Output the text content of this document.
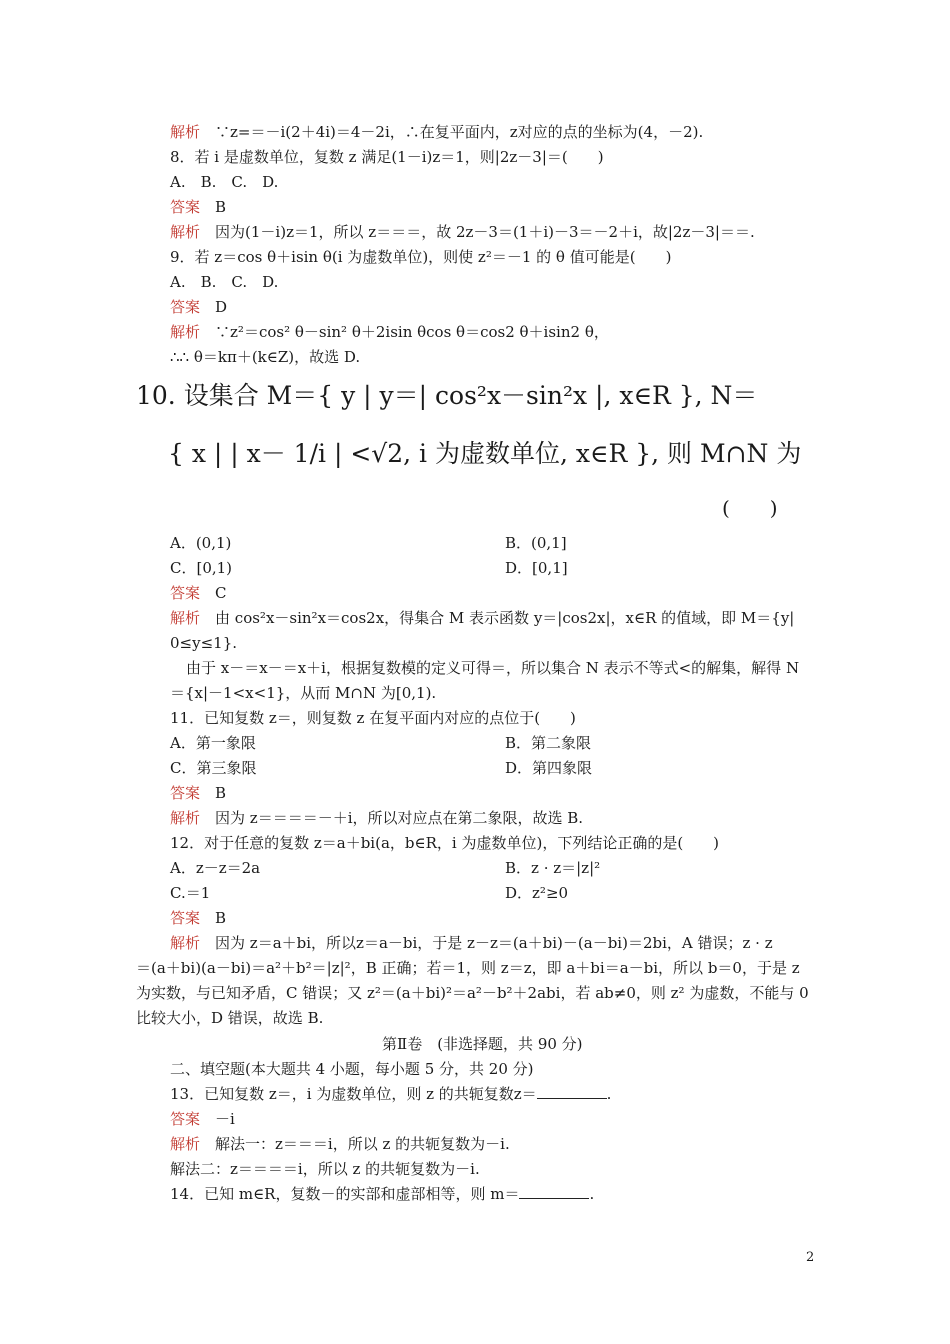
解析　 ∵z=＝－i(2＋4i)＝4－2i，∴在复平面内，z对应的点的坐标为(4，－2).
8．若 i 是虚数单位，复数 z 满足(1－i)z＝1，则|2z－3|＝(　　)
A.　B.　C.　D.
答案　 B
解析　 因为(1－i)z＝1，所以 z＝＝＝，故 2z－3＝(1＋i)－3＝－2＋i，故|2z－3|＝＝.
9．若 z＝cos θ＋isin θ(i 为虚数单位)，则使 z²＝－1 的 θ 值可能是(　　)
A.　B.　C.　D.
答案　 D
解析　 ∵z²＝cos² θ－sin² θ＋2isin θcos θ＝cos2 θ＋isin2 θ，
∴∴ θ＝kπ＋(k∈Z)，故选 D.
10. 设集合 M＝{ y | y＝| cos²x－sin²x |, x∈R }, N＝
{ x | | x－ 1/i | <√2, i 为虚数单位, x∈R }, 则 M∩N 为
(　　)
A．(0,1)	B．(0,1]
C．[0,1)	D．[0,1]
答案　 C
解析　 由 cos²x－sin²x＝cos2x，得集合 M 表示函数 y＝|cos2x|，x∈R 的值域，即 M＝{y|
0≤y≤1}.
由于 x－＝x－＝x＋i，根据复数模的定义可得＝，所以集合 N 表示不等式<的解集，解得 N
＝{x|－1<x<1}，从而 M∩N 为[0,1).
11．已知复数 z＝，则复数 z 在复平面内对应的点位于(　　)
A．第一象限	B．第二象限
C．第三象限	D．第四象限
答案　 B
解析　 因为 z＝＝＝＝－＋i，所以对应点在第二象限，故选 B.
12．对于任意的复数 z＝a＋bi(a，b∈R，i 为虚数单位)，下列结论正确的是(　　)
A．z－z＝2a	B．z · z＝|z|²
C.＝1	D．z²≥0
答案　 B
解析　 因为 z＝a＋bi，所以z＝a－bi，于是 z－z＝(a＋bi)－(a－bi)＝2bi，A 错误；z · z
＝(a＋bi)(a－bi)＝a²＋b²＝|z|²，B 正确；若＝1，则 z＝z，即 a＋bi＝a－bi，所以 b＝0，于是 z
为实数，与已知矛盾，C 错误；又 z²＝(a＋bi)²＝a²－b²＋2abi，若 ab≠0，则 z² 为虚数，不能与 0
比较大小，D 错误，故选 B.
第Ⅱ卷　(非选择题，共 90 分)
二、填空题(本大题共 4 小题，每小题 5 分，共 20 分)
13．已知复数 z＝，i 为虚数单位，则 z 的共轭复数z＝	.
答案　 －i
解析　 解法一：z＝＝＝i，所以 z 的共轭复数为－i.
解法二：z＝＝＝＝i，所以 z 的共轭复数为－i.
14．已知 m∈R，复数－的实部和虚部相等，则 m＝	.
2
